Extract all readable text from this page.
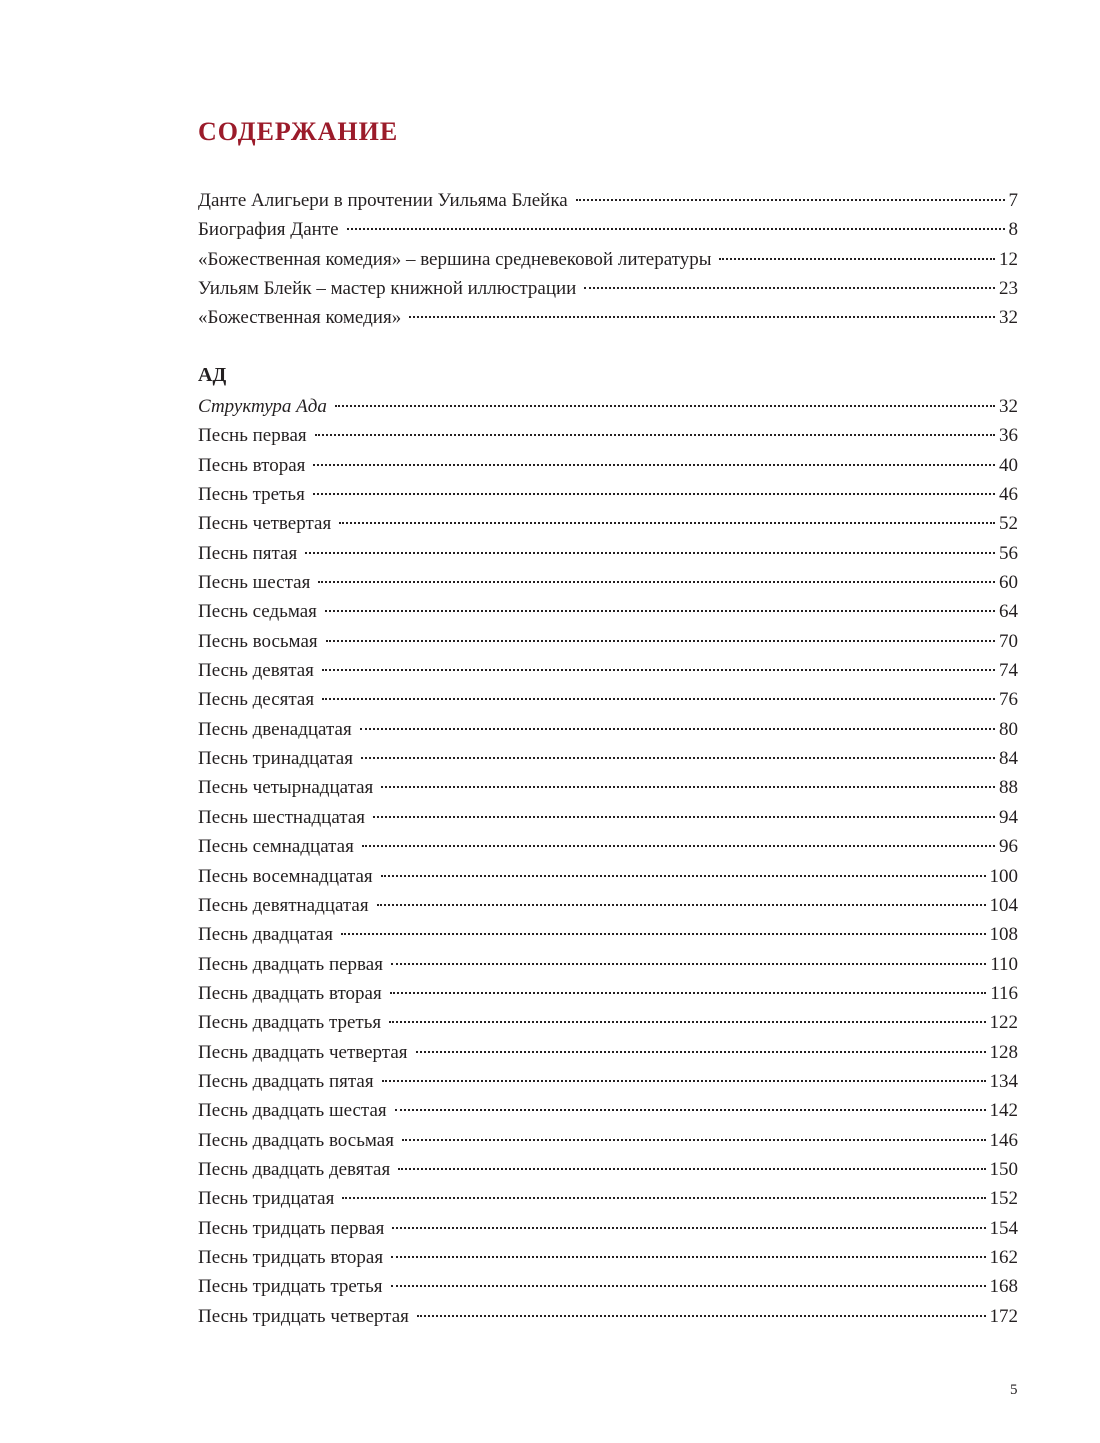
СОДЕРЖАНИЕ
Данте Алигьери в прочтении Уильяма Блейка	7
Биография Данте	8
«Божественная комедия» – вершина средневековой литературы	12
Уильям Блейк – мастер книжной иллюстрации	23
«Божественная комедия»	32
АД
Структура Ада	32
Песнь первая	36
Песнь вторая	40
Песнь третья	46
Песнь четвертая	52
Песнь пятая	56
Песнь шестая	60
Песнь седьмая	64
Песнь восьмая	70
Песнь девятая	74
Песнь десятая	76
Песнь двенадцатая	80
Песнь тринадцатая	84
Песнь четырнадцатая	88
Песнь шестнадцатая	94
Песнь семнадцатая	96
Песнь восемнадцатая	100
Песнь девятнадцатая	104
Песнь двадцатая	108
Песнь двадцать первая	110
Песнь двадцать вторая	116
Песнь двадцать третья	122
Песнь двадцать четвертая	128
Песнь двадцать пятая	134
Песнь двадцать шестая	142
Песнь двадцать восьмая	146
Песнь двадцать девятая	150
Песнь тридцатая	152
Песнь тридцать первая	154
Песнь тридцать вторая	162
Песнь тридцать третья	168
Песнь тридцать четвертая	172
5
